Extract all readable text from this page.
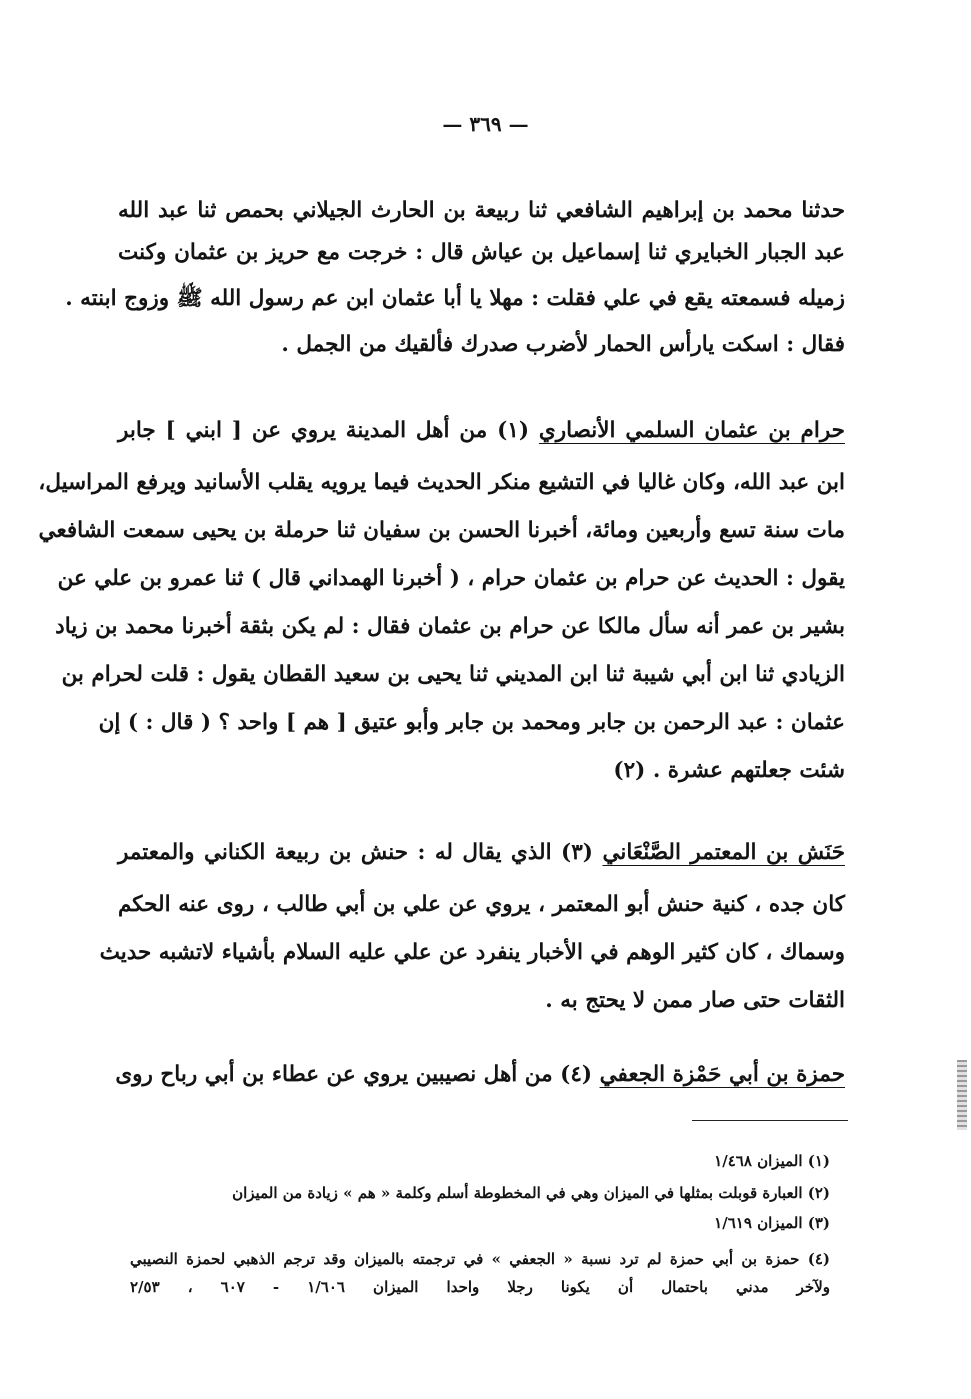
— ٣٦٩ —
حدثنا محمد بن إبراهيم الشافعي ثنا ربيعة بن الحارث الجيلاني بحمص ثنا عبد الله
عبد الجبار الخبايري ثنا إسماعيل بن عياش قال : خرجت مع حريز بن عثمان وكنت
زميله فسمعته يقع في علي فقلت : مهلا يا أبا عثمان ابن عم رسول الله ﷺ وزوج ابنته .
فقال : اسكت يارأس الحمار لأضرب صدرك فألقيك من الجمل .
حرام بن عثمان السلمي الأنصاري (١) من أهل المدينة يروي عن [ ابني ] جابر
ابن عبد الله، وكان غاليا في التشيع منكر الحديث فيما يرويه يقلب الأسانيد ويرفع المراسيل،
مات سنة تسع وأربعين ومائة، أخبرنا الحسن بن سفيان ثنا حرملة بن يحيى سمعت الشافعي
يقول : الحديث عن حرام بن عثمان حرام ، ( أخبرنا الهمداني قال ) ثنا عمرو بن علي عن
بشير بن عمر أنه سأل مالكا عن حرام بن عثمان فقال : لم يكن بثقة أخبرنا محمد بن زياد
الزيادي ثنا ابن أبي شيبة ثنا ابن المديني ثنا يحيى بن سعيد القطان يقول : قلت لحرام بن
عثمان : عبد الرحمن بن جابر ومحمد بن جابر وأبو عتيق [ هم ] واحد ؟ ( قال : ) إن
شئت جعلتهم عشرة . (٢)
حَنَش بن المعتمر الصَّنْعَاني (٣) الذي يقال له : حنش بن ربيعة الكناني والمعتمر
كان جده ، كنية حنش أبو المعتمر ، يروي عن علي بن أبي طالب ، روى عنه الحكم
وسماك ، كان كثير الوهم في الأخبار ينفرد عن علي عليه السلام بأشياء لاتشبه حديث
الثقات حتى صار ممن لا يحتج به .
حمزة بن أبي حَمْزة الجعفي (٤) من أهل نصيبين يروي عن عطاء بن أبي رباح روى
(١) الميزان ١/٤٦٨
(٢) العبارة قوبلت بمثلها في الميزان وهي في المخطوطة أسلم وكلمة « هم » زيادة من الميزان
(٣) الميزان ١/٦١٩
(٤) حمزة بن أبي حمزة لم ترد نسبة « الجعفي » في ترجمته بالميزان وقد ترجم الذهبي لحمزة النصيبي
ولآخر مدني باحتمال أن يكونا رجلا واحدا الميزان ١/٦٠٦ - ٦٠٧ ، ٢/٥٣
